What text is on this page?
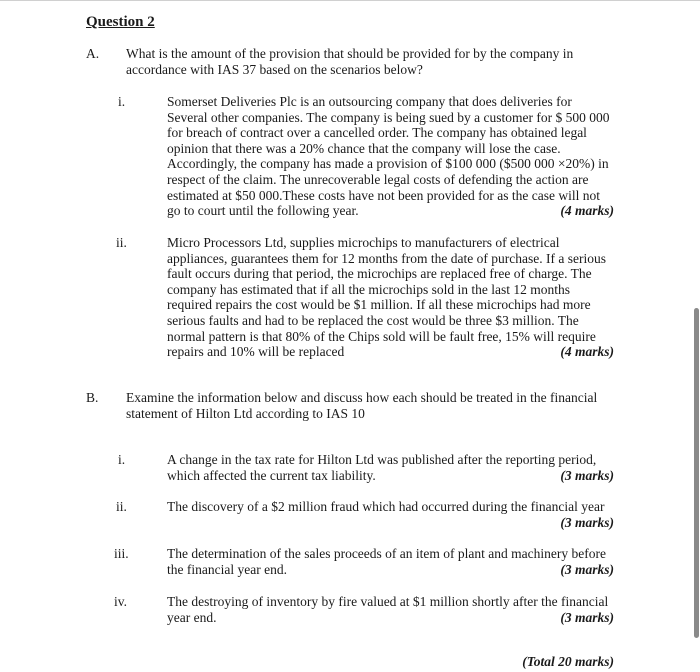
Question 2
A. What is the amount of the provision that should be provided for by the company in accordance with IAS 37 based on the scenarios below?
i.	Somerset Deliveries Plc is an outsourcing company that does deliveries for Several other companies. The company is being sued by a customer for $ 500 000 for breach of contract over a cancelled order. The company has obtained legal opinion that there was a 20% chance that the company will lose the case. Accordingly, the company has made a provision of $100 000 ($500 000 ×20%) in respect of the claim. The unrecoverable legal costs of defending the action are estimated at $50 000.These costs have not been provided for as the case will not go to court until the following year.	(4 marks)
ii.	Micro Processors Ltd, supplies microchips to manufacturers of electrical appliances, guarantees them for 12 months from the date of purchase. If a serious fault occurs during that period, the microchips are replaced free of charge. The company has estimated that if all the microchips sold in the last 12 months required repairs the cost would be $1 million. If all these microchips had more serious faults and had to be replaced the cost would be three $3 million. The normal pattern is that 80% of the Chips sold will be fault free, 15% will require repairs and 10% will be replaced	(4 marks)
B. Examine the information below and discuss how each should be treated in the financial statement of Hilton Ltd according to IAS 10
i.	A change in the tax rate for Hilton Ltd was published after the reporting period, which affected the current tax liability.	(3 marks)
ii.	The discovery of a $2 million fraud which had occurred during the financial year
(3 marks)
iii.	The determination of the sales proceeds of an item of plant and machinery before the financial year end.	(3 marks)
iv.	The destroying of inventory by fire valued at $1 million shortly after the financial year end.	(3 marks)
(Total 20 marks)
